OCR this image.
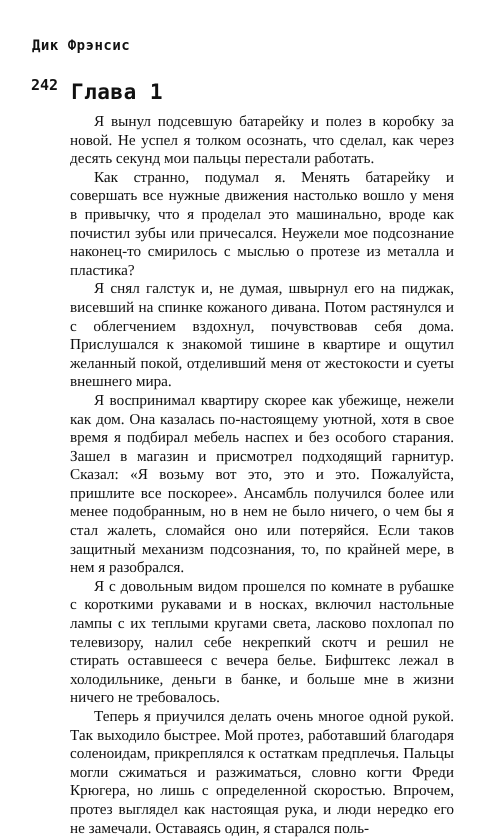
Дик Фрэнсис
242 Глава 1

Я вынул подсевшую батарейку и полез в коробку за новой. Не успел я толком осознать, что сделал, как через десять секунд мои пальцы перестали работать.

Как странно, подумал я. Менять батарейку и совершать все нужные движения настолько вошло у меня в привычку, что я проделал это машинально, вроде как почистил зубы или причесался. Неужели мое подсознание наконец-то смирилось с мыслью о протезе из металла и пластика?

Я снял галстук и, не думая, швырнул его на пиджак, висевший на спинке кожаного дивана. Потом растянулся и с облегчением вздохнул, почувствовав себя дома. Прислушался к знакомой тишине в квартире и ощутил желанный покой, отделивший меня от жестокости и суеты внешнего мира.

Я воспринимал квартиру скорее как убежище, нежели как дом. Она казалась по-настоящему уютной, хотя в свое время я подбирал мебель наспех и без особого старания. Зашел в магазин и присмотрел подходящий гарнитур. Сказал: «Я возьму вот это, это и это. Пожалуйста, пришлите все поскорее». Ансамбль получился более или менее подобранным, но в нем не было ничего, о чем бы я стал жалеть, сломайся оно или потеряйся. Если таков защитный механизм подсознания, то, по крайней мере, в нем я разобрался.

Я с довольным видом прошелся по комнате в рубашке с короткими рукавами и в носках, включил настольные лампы с их теплыми кругами света, ласково похлопал по телевизору, налил себе некрепкий скотч и решил не стирать оставшееся с вечера белье. Бифштекс лежал в холодильнике, деньги в банке, и больше мне в жизни ничего не требовалось.

Теперь я приучился делать очень многое одной рукой. Так выходило быстрее. Мой протез, работавший благодаря соленоидам, прикреплялся к остаткам предплечья. Пальцы могли сжиматься и разжиматься, словно когти Фреди Крюгера, но лишь с определенной скоростью. Впрочем, протез выглядел как настоящая рука, и люди нередко его не замечали. Оставаясь один, я старался поль-
